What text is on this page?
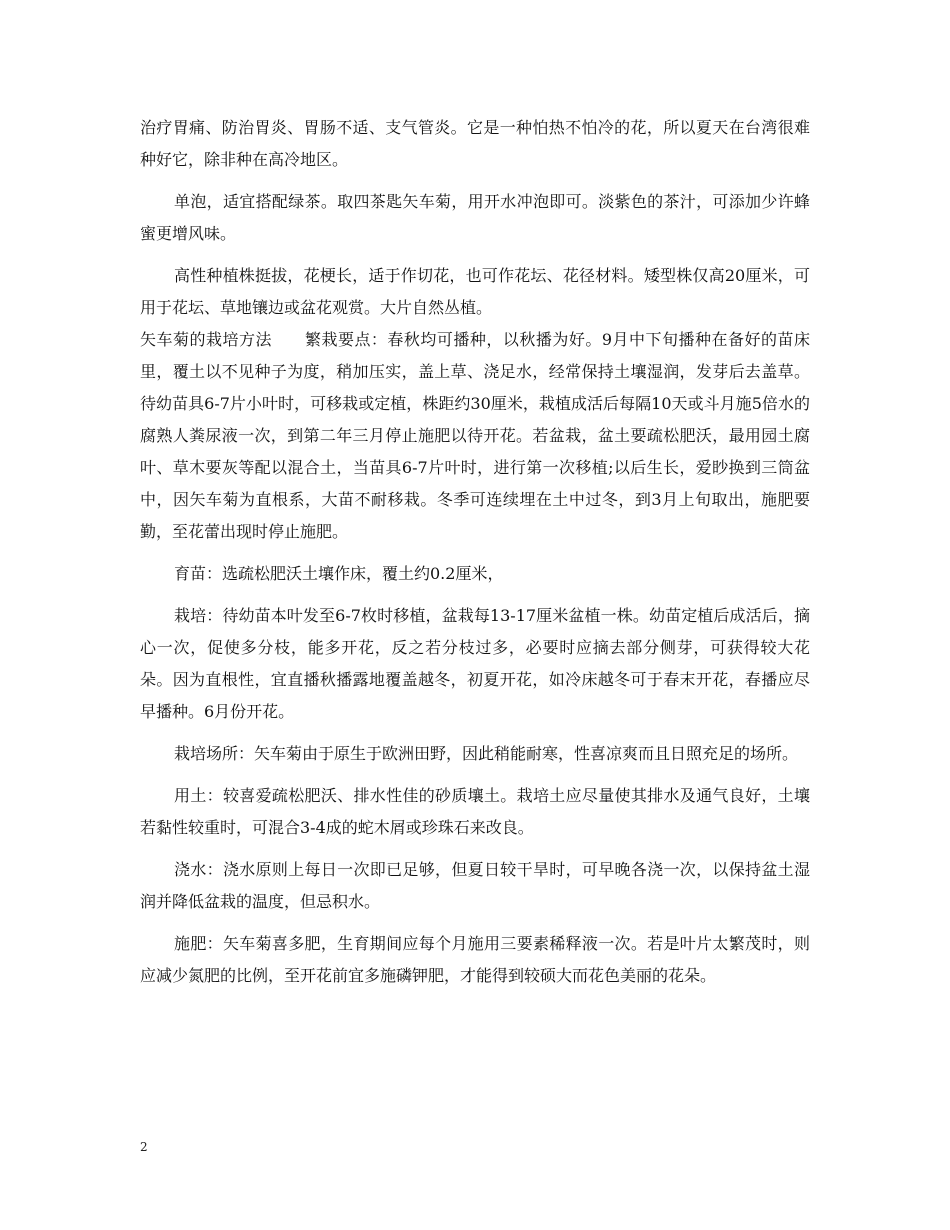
治疗胃痛、防治胃炎、胃肠不适、支气管炎。它是一种怕热不怕冷的花，所以夏天在台湾很难种好它，除非种在高冷地区。

单泡，适宜搭配绿茶。取四茶匙矢车菊，用开水冲泡即可。淡紫色的茶汁，可添加少许蜂蜜更增风味。

高性种植株挺拔，花梗长，适于作切花，也可作花坛、花径材料。矮型株仅高20厘米，可用于花坛、草地镶边或盆花观赏。大片自然丛植。

矢车菊的栽培方法　　繁栽要点：春秋均可播种，以秋播为好。9月中下旬播种在备好的苗床里，覆土以不见种子为度，稍加压实，盖上草、浇足水，经常保持土壤湿润，发芽后去盖草。待幼苗具6-7片小叶时，可移栽或定植，株距约30厘米，栽植成活后每隔10天或斗月施5倍水的腐熟人粪尿液一次，到第二年三月停止施肥以待开花。若盆栽，盆土要疏松肥沃，最用园土腐叶、草木要灰等配以混合土，当苗具6-7片叶时，进行第一次移植;以后生长，爱眇换到三筒盆中，因矢车菊为直根系，大苗不耐移栽。冬季可连续埋在土中过冬，到3月上旬取出，施肥要勤，至花蕾出现时停止施肥。

育苗：选疏松肥沃土壤作床，覆土约0.2厘米，

栽培：待幼苗本叶发至6-7枚时移植，盆栽每13-17厘米盆植一株。幼苗定植后成活后，摘心一次，促使多分枝，能多开花，反之若分枝过多，必要时应摘去部分侧芽，可获得较大花朵。因为直根性，宜直播秋播露地覆盖越冬，初夏开花，如冷床越冬可于春末开花，春播应尽早播种。6月份开花。

栽培场所：矢车菊由于原生于欧洲田野，因此稍能耐寒，性喜凉爽而且日照充足的场所。

用土：较喜爱疏松肥沃、排水性佳的砂质壤土。栽培土应尽量使其排水及通气良好，土壤若黏性较重时，可混合3-4成的蛇木屑或珍珠石来改良。

浇水：浇水原则上每日一次即已足够，但夏日较干旱时，可早晚各浇一次，以保持盆土湿润并降低盆栽的温度，但忌积水。

施肥：矢车菊喜多肥，生育期间应每个月施用三要素稀释液一次。若是叶片太繁茂时，则应减少氮肥的比例，至开花前宜多施磷钾肥，才能得到较硕大而花色美丽的花朵。

2
